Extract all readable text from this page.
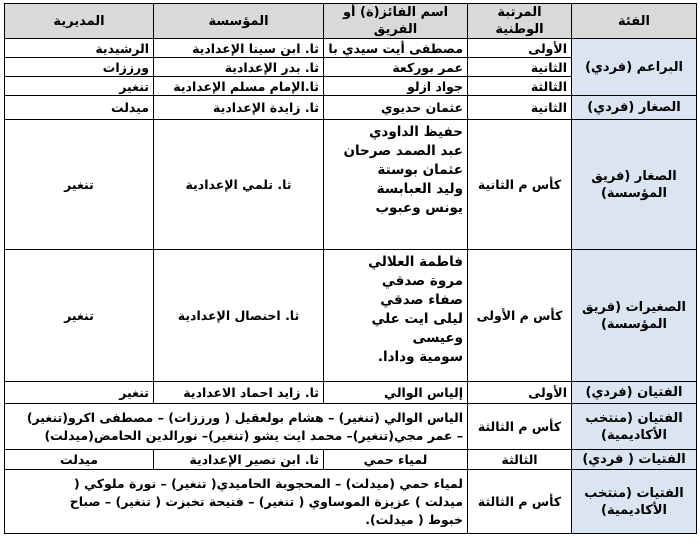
الفئة	المرتبة الوطنية	اسم الفائز(ة) أو الفريق	المؤسسة	المديرية
البراعم (فردي)	الأولى	مصطفى أيت سيدي با	ثا. ابن سينا الإعدادية	الرشيدية
	الثانية	عمر بوركعة	ثا. بدر الإعدادية	ورززات
	الثالثة	جواد ازلو	ثا.الإمام مسلم الإعدادية	تنغير
الصغار (فردي)	الثانية	عثمان حديوي	ثا. زايدة الإعدادية	ميدلت

الصغار (فريق
المؤسسة)	كأس م الثانية	حفيظ الداودي
عبد الصمد صرحان
عثمان بوستة
وليد العبابسة
يونس وعبوب	ثا. تلمي الإعدادية	تنغير

الصغيرات (فريق
المؤسسة)	كأس م الأولى	فاطمة العلالي
مروة صدقي
صفاء صدقي
ليلى ايت علي وعيسى
سومية ودادا.	ثا. احنصال الإعدادية	تنغير
الفتيان (فردي)	الأولى	إلياس الوالي	ثا. زايد احماد الاعدادية	تنغير

الفتيان (منتخب
الأكاديمية)	كأس م الثالثة	الياس الوالي (تنغير) – هشام بولعقيل ( ورززات) – مصطفى اكرو(تنغير)
– عمر مجي(تنغير)– محمد ايت يشو (تنغير)– نورالدين الحامض(ميدلت)		

الفتيات ( فردي)	الثالثة	لمياء حمي	ثا. ابن نصير الإعدادية	ميدلت

الفتيات (منتخب
الأكاديمية)	كأس م الثالثة	لمياء حمي (ميدلت) – المحجوبة الحاميدي( تنغير) – نورة ملوكي (
ميدلت ) عزيزة الموساوي ( تنغير) – فتيحة تخبزت ( تنغير) – صباح
خبوط ( ميدلت).		
